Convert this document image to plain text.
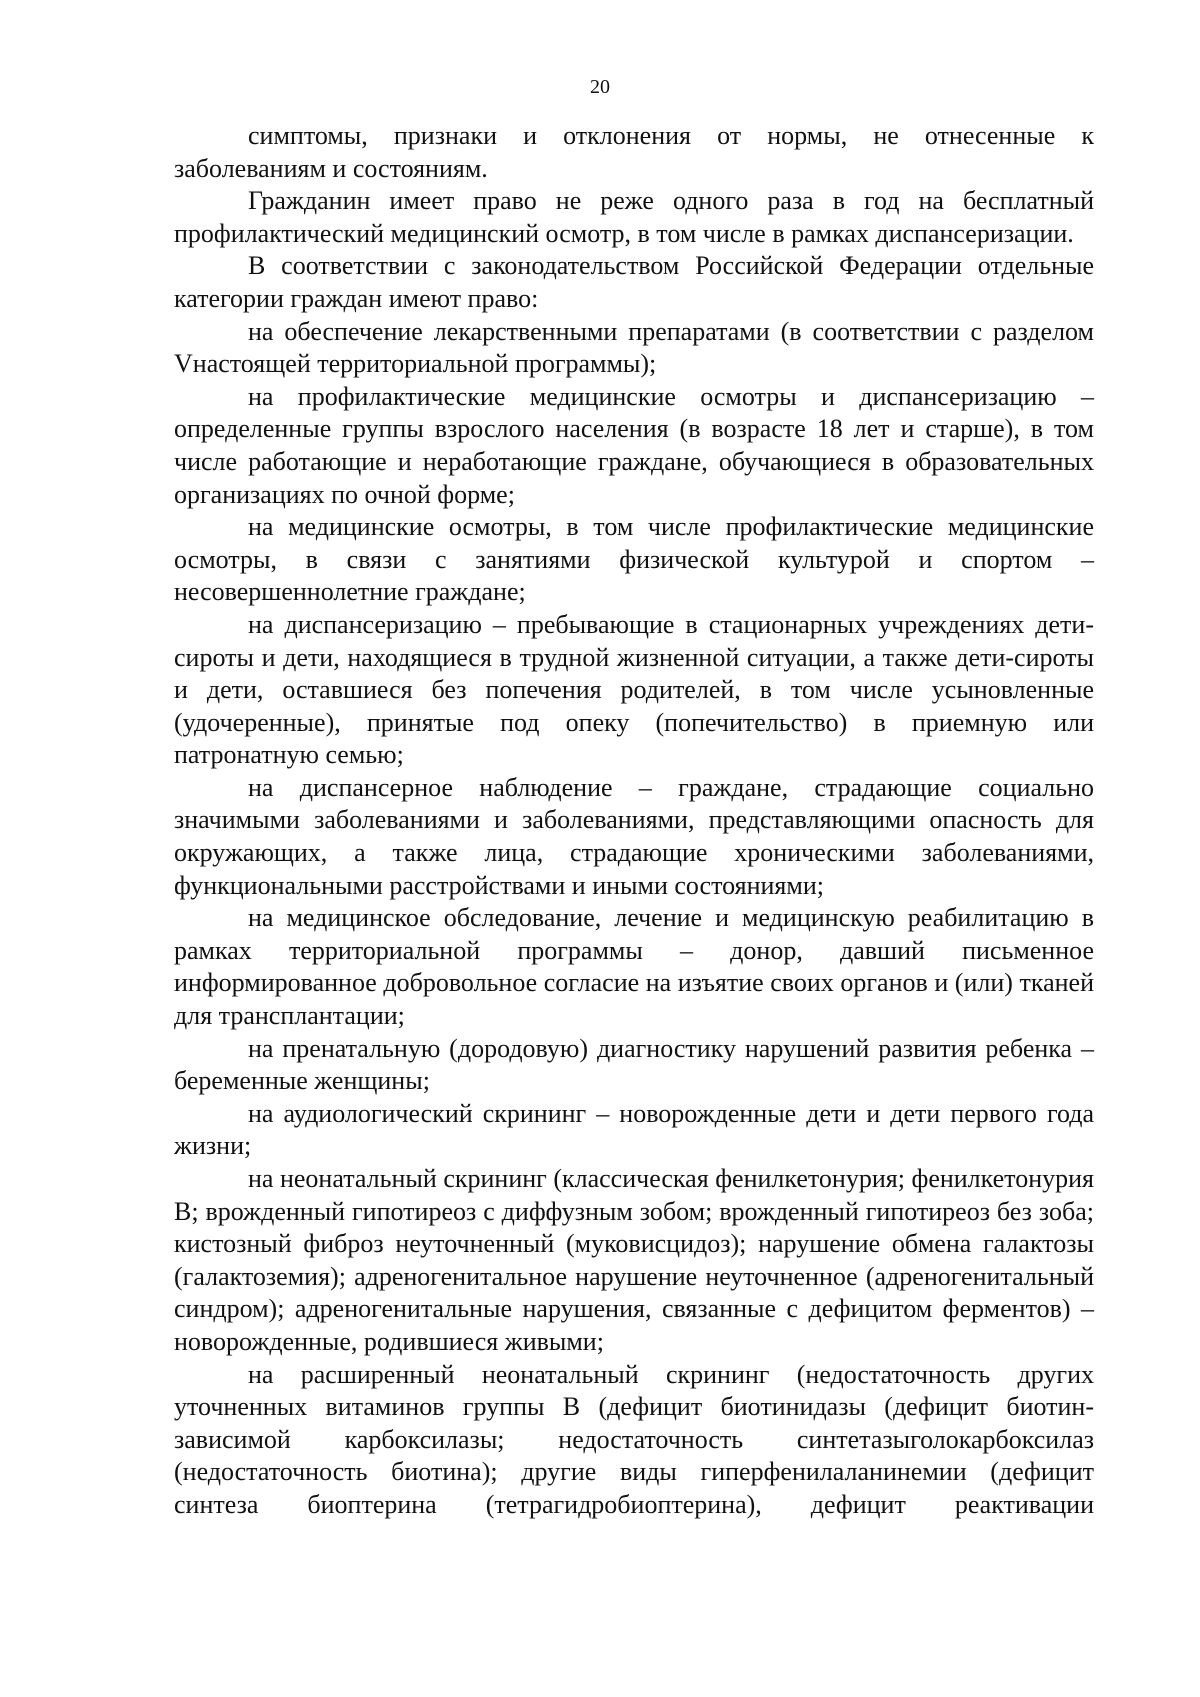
20

симптомы, признаки и отклонения от нормы, не отнесенные к заболеваниям и состояниям.

Гражданин имеет право не реже одного раза в год на бесплатный профилактический медицинский осмотр, в том числе в рамках диспансеризации.

В соответствии с законодательством Российской Федерации отдельные категории граждан имеют право:

на обеспечение лекарственными препаратами (в соответствии с разделом Vнастоящей территориальной программы);

на профилактические медицинские осмотры и диспансеризацию – определенные группы взрослого населения (в возрасте 18 лет и старше), в том числе работающие и неработающие граждане, обучающиеся в образовательных организациях по очной форме;

на медицинские осмотры, в том числе профилактические медицинские осмотры, в связи с занятиями физической культурой и спортом – несовершеннолетние граждане;

на диспансеризацию – пребывающие в стационарных учреждениях дети-сироты и дети, находящиеся в трудной жизненной ситуации, а также дети-сироты и дети, оставшиеся без попечения родителей, в том числе усыновленные (удочеренные), принятые под опеку (попечительство) в приемную или патронатную семью;

на диспансерное наблюдение – граждане, страдающие социально значимыми заболеваниями и заболеваниями, представляющими опасность для окружающих, а также лица, страдающие хроническими заболеваниями, функциональными расстройствами и иными состояниями;

на медицинское обследование, лечение и медицинскую реабилитацию в рамках территориальной программы – донор, давший письменное информированное добровольное согласие на изъятие своих органов и (или) тканей для трансплантации;

на пренатальную (дородовую) диагностику нарушений развития ребенка – беременные женщины;

на аудиологический скрининг – новорожденные дети и дети первого года жизни;

на неонатальный скрининг (классическая фенилкетонурия; фенилкетонурия B; врожденный гипотиреоз с диффузным зобом; врожденный гипотиреоз без зоба; кистозный фиброз неуточненный (муковисцидоз); нарушение обмена галактозы (галактоземия); адреногенитальное нарушение неуточненное (адреногенитальный синдром); адреногенитальные нарушения, связанные с дефицитом ферментов) – новорожденные, родившиеся живыми;

на расширенный неонатальный скрининг (недостаточность других уточненных витаминов группы B (дефицит биотинидазы (дефицит биотин-зависимой карбоксилазы; недостаточность синтетазыголокарбоксилаз (недостаточность биотина); другие виды гиперфенилаланинемии (дефицит синтеза биоптерина (тетрагидробиоптерина), дефицит реактивации
